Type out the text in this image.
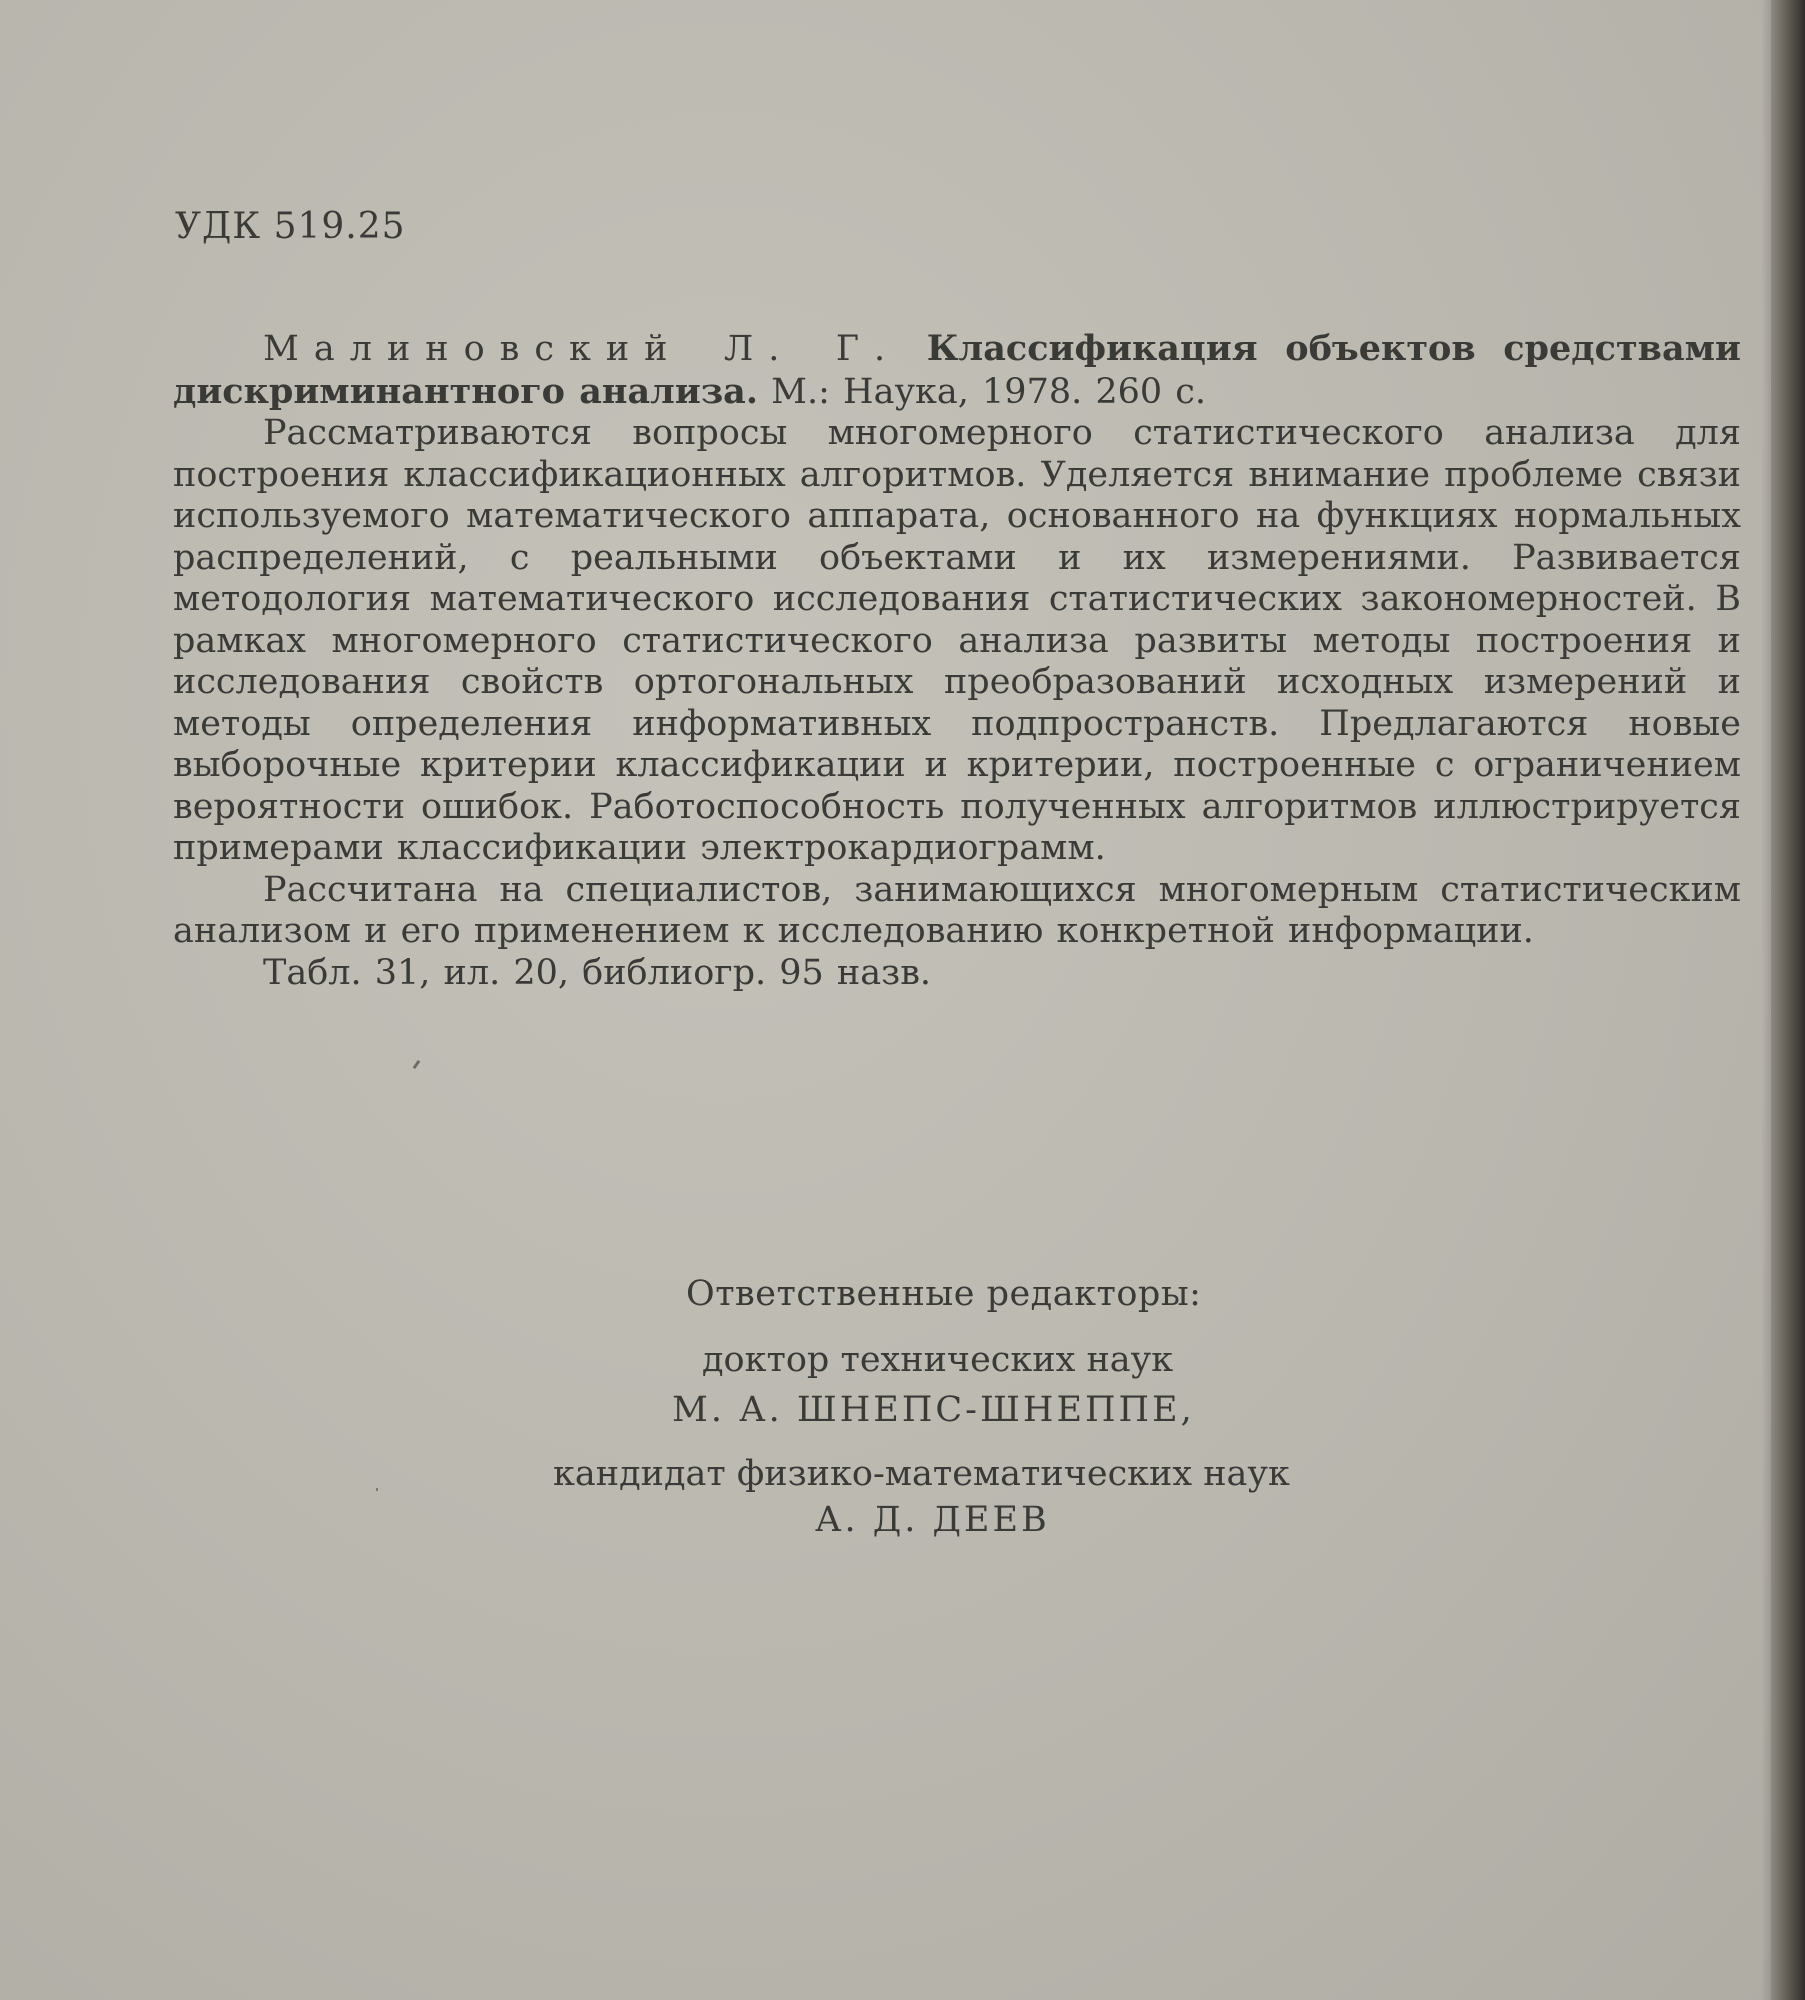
УДК 519.25

Малиновский Л. Г. Классификация объектов средствами дискриминантного анализа. М.: Наука, 1978. 260 с.

Рассматриваются вопросы многомерного статистического анализа для построения классификационных алгоритмов. Уделяется внимание проблеме связи используемого математического аппарата, основанного на функциях нормальных распределений, с реальными объектами и их измерениями. Развивается методология математического исследования статистических закономерностей. В рамках многомерного статистического анализа развиты методы построения и исследования свойств ортогональных преобразований исходных измерений и методы определения информативных подпространств. Предлагаются новые выборочные критерии классификации и критерии, построенные с ограничением вероятности ошибок. Работоспособность полученных алгоритмов иллюстрируется примерами классификации электрокардиограмм.

Рассчитана на специалистов, занимающихся многомерным статистическим анализом и его применением к исследованию конкретной информации.

Табл. 31, ил. 20, библиогр. 95 назв.

Ответственные редакторы:
доктор технических наук
М. А. ШНЕПС-ШНЕППЕ,
кандидат физико-математических наук
А. Д. ДЕЕВ
